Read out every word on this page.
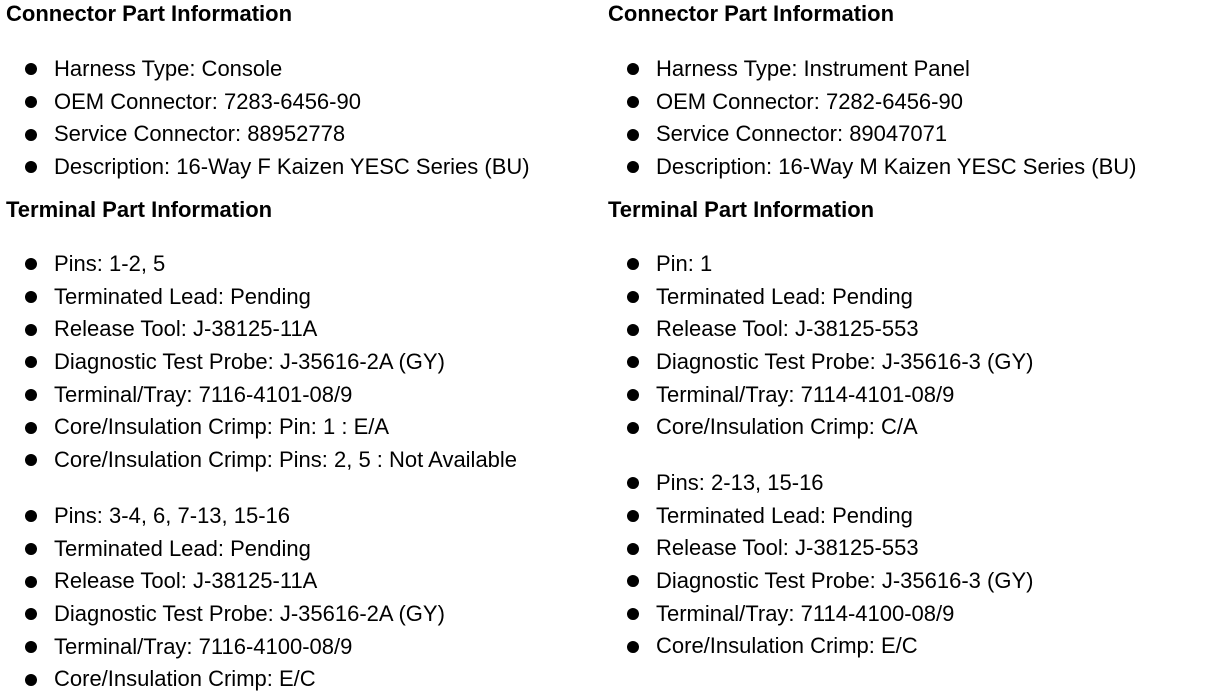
Connector Part Information
Harness Type: Console
OEM Connector: 7283-6456-90
Service Connector: 88952778
Description: 16-Way F Kaizen YESC Series (BU)
Terminal Part Information
Pins: 1-2, 5
Terminated Lead: Pending
Release Tool: J-38125-11A
Diagnostic Test Probe: J-35616-2A (GY)
Terminal/Tray: 7116-4101-08/9
Core/Insulation Crimp: Pin: 1 : E/A
Core/Insulation Crimp: Pins: 2, 5 : Not Available
Pins: 3-4, 6, 7-13, 15-16
Terminated Lead: Pending
Release Tool: J-38125-11A
Diagnostic Test Probe: J-35616-2A (GY)
Terminal/Tray: 7116-4100-08/9
Core/Insulation Crimp: E/C
Connector Part Information
Harness Type: Instrument Panel
OEM Connector: 7282-6456-90
Service Connector: 89047071
Description: 16-Way M Kaizen YESC Series (BU)
Terminal Part Information
Pin: 1
Terminated Lead: Pending
Release Tool: J-38125-553
Diagnostic Test Probe: J-35616-3 (GY)
Terminal/Tray: 7114-4101-08/9
Core/Insulation Crimp: C/A
Pins: 2-13, 15-16
Terminated Lead: Pending
Release Tool: J-38125-553
Diagnostic Test Probe: J-35616-3 (GY)
Terminal/Tray: 7114-4100-08/9
Core/Insulation Crimp: E/C
